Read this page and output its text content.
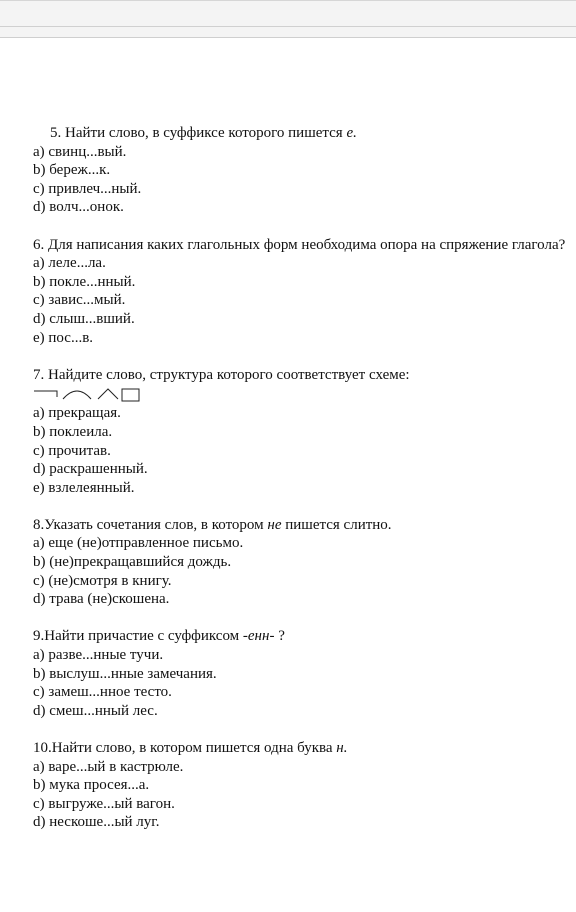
5. Найти слово, в суффиксе которого пишется е.

а) свинц...вый.

b) береж...к.

с) привлеч...ный.

d) волч...онок.

6. Для написания каких глагольных форм необходима опора на спряжение глагола?

а) леле...ла.

b) покле...нный.

с) завис...мый.

d) слыш...вший.

е) пос...в.

7. Найдите слово, структура которого соответствует схеме:

а) прекращая.

b) поклеила.

с) прочитав.

d) раскрашенный.

е) взлелеянный.

8.Указать сочетания слов, в котором не пишется слитно.

а) еще (не)отправленное письмо.

b) (не)прекращавшийся дождь.

с) (не)смотря в книгу.

d) трава (не)скошена.

9.Найти причастие с суффиксом -енн- ?

а) разве...нные тучи.

b) выслуш...нные замечания.

с) замеш...нное тесто.

d) смеш...нный лес.

10.Найти слово, в котором пишется одна буква н.

а) варе...ый в кастрюле.

b) мука просея...а.

с) выгруже...ый вагон.

d) нескоше...ый луг.
